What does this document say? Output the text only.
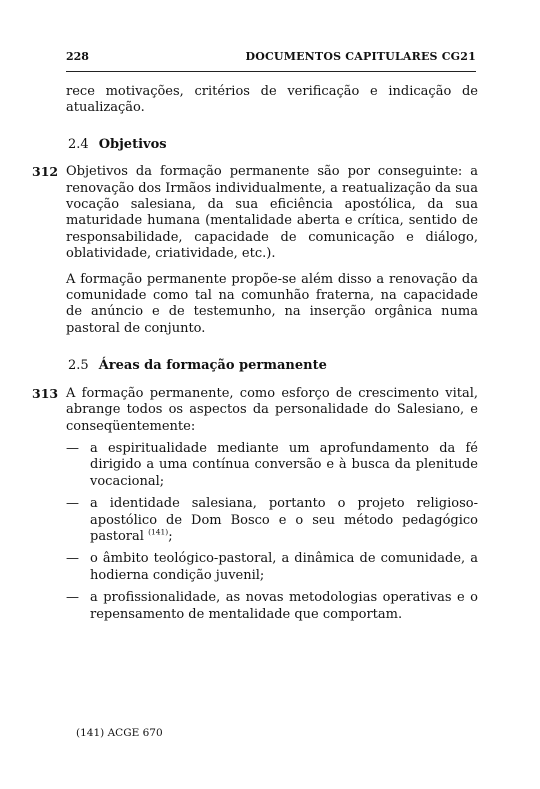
228	DOCUMENTOS CAPITULARES CG21

rece motivações, critérios de verificação e indicação de atualização.

2.4 Objetivos

312 Objetivos da formação permanente são por conseguinte: a renovação dos Irmãos individualmente, a reatualização da sua vocação salesiana, da sua eficiência apostólica, da sua maturidade humana (mentalidade aberta e crítica, sentido de responsabilidade, capacidade de comunicação e diálogo, oblatividade, criatividade, etc.).

A formação permanente propõe-se além disso a renovação da comunidade como tal na comunhão fraterna, na capacidade de anúncio e de testemunho, na inserção orgânica numa pastoral de conjunto.

2.5 Áreas da formação permanente

313 A formação permanente, como esforço de crescimento vital, abrange todos os aspectos da personalidade do Salesiano, e conseqüentemente:

— a espiritualidade mediante um aprofundamento da fé dirigido a uma contínua conversão e à busca da plenitude vocacional;

— a identidade salesiana, portanto o projeto religioso-apostólico de Dom Bosco e o seu método pedagógico pastoral $^{(141)}$;

— o âmbito teológico-pastoral, a dinâmica de comunidade, a hodierna condição juvenil;

— a profissionalidade, as novas metodologias operativas e o repensamento de mentalidade que comportam.

(141) ACGE 670
